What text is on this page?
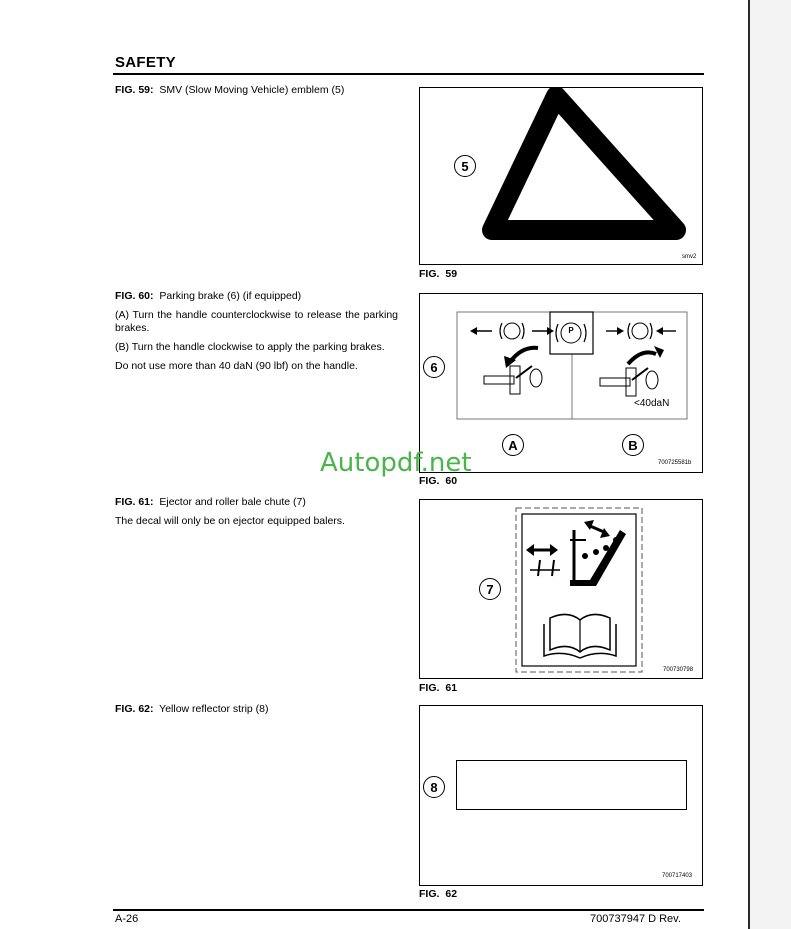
SAFETY

FIG. 59: SMV (Slow Moving Vehicle) emblem (5)

5
smv2
FIG. 59

FIG. 60: Parking brake (6) (if equipped)

(A) Turn the handle counterclockwise to release the parking brakes.

(B) Turn the handle clockwise to apply the parking brakes.

Do not use more than 40 daN (90 lbf) on the handle.

P
<40daN
6
A	B
700725581b
FIG. 60

FIG. 61: Ejector and roller bale chute (7)

The decal will only be on ejector equipped balers.

7
700730798
FIG. 61

FIG. 62: Yellow reflector strip (8)

8
700717403
FIG. 62
Autopdf.net
A-26	700737947 D Rev.
